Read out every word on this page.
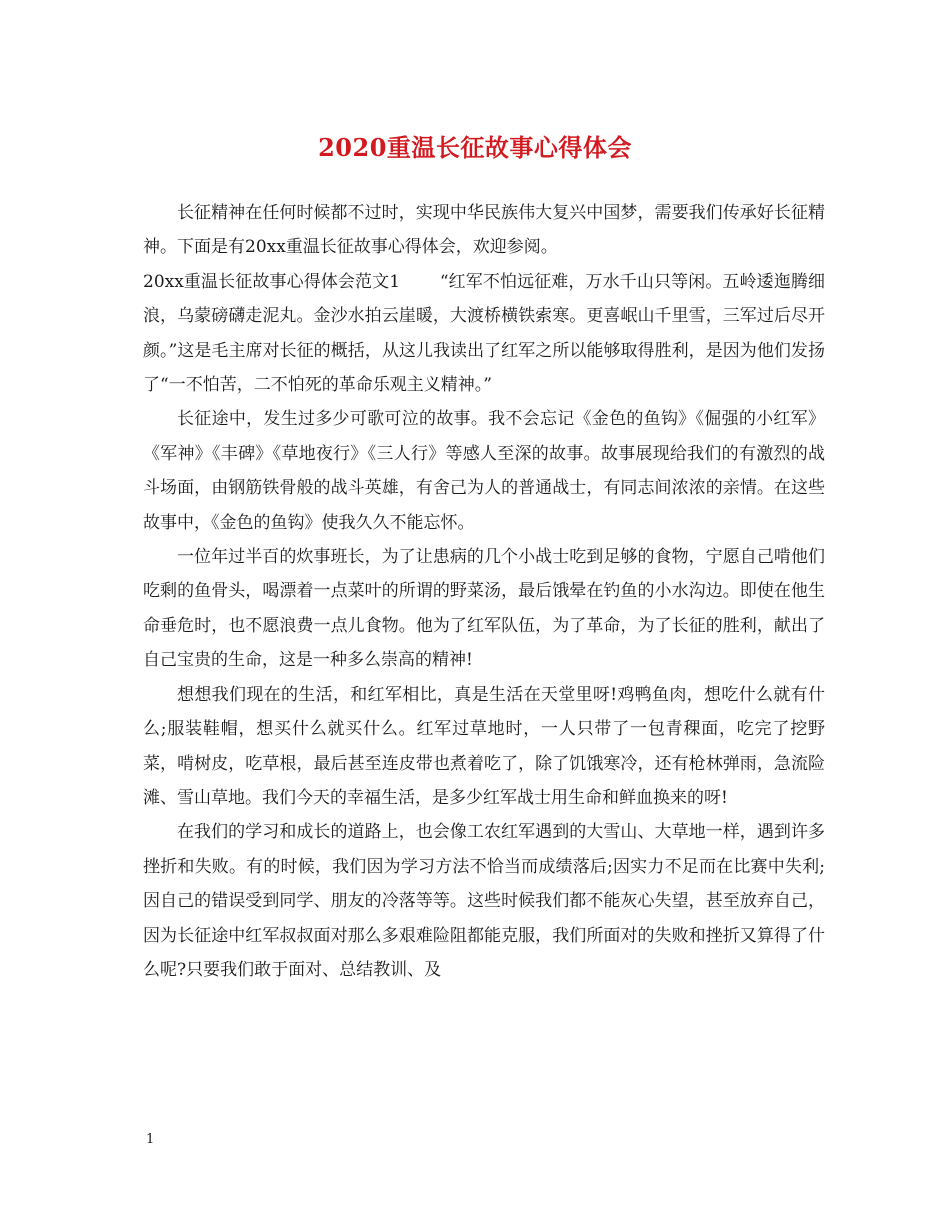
2020重温长征故事心得体会

长征精神在任何时候都不过时，实现中华民族伟大复兴中国梦，需要我们传承好长征精神。下面是有20xx重温长征故事心得体会，欢迎参阅。

20xx重温长征故事心得体会范文1 　　“红军不怕远征难，万水千山只等闲。五岭逶迤腾细浪，乌蒙磅礴走泥丸。金沙水拍云崖暖，大渡桥横铁索寒。更喜岷山千里雪，三军过后尽开颜。”这是毛主席对长征的概括，从这儿我读出了红军之所以能够取得胜利，是因为他们发扬了“一不怕苦，二不怕死的革命乐观主义精神。”

长征途中，发生过多少可歌可泣的故事。我不会忘记《金色的鱼钩》《倔强的小红军》《军神》《丰碑》《草地夜行》《三人行》等感人至深的故事。故事展现给我们的有激烈的战斗场面，由钢筋铁骨般的战斗英雄，有舍己为人的普通战士，有同志间浓浓的亲情。在这些故事中，《金色的鱼钩》使我久久不能忘怀。

一位年过半百的炊事班长，为了让患病的几个小战士吃到足够的食物，宁愿自己啃他们吃剩的鱼骨头，喝漂着一点菜叶的所谓的野菜汤，最后饿晕在钓鱼的小水沟边。即使在他生命垂危时，也不愿浪费一点儿食物。他为了红军队伍，为了革命，为了长征的胜利，献出了自己宝贵的生命，这是一种多么崇高的精神!

想想我们现在的生活，和红军相比，真是生活在天堂里呀!鸡鸭鱼肉，想吃什么就有什么;服装鞋帽，想买什么就买什么。红军过草地时，一人只带了一包青稞面，吃完了挖野菜，啃树皮，吃草根，最后甚至连皮带也煮着吃了，除了饥饿寒冷，还有枪林弹雨，急流险滩、雪山草地。我们今天的幸福生活，是多少红军战士用生命和鲜血换来的呀!

在我们的学习和成长的道路上，也会像工农红军遇到的大雪山、大草地一样，遇到许多挫折和失败。有的时候，我们因为学习方法不恰当而成绩落后;因实力不足而在比赛中失利;因自己的错误受到同学、朋友的冷落等等。这些时候我们都不能灰心失望，甚至放弃自己，因为长征途中红军叔叔面对那么多艰难险阻都能克服，我们所面对的失败和挫折又算得了什么呢?只要我们敢于面对、总结教训、及

1
